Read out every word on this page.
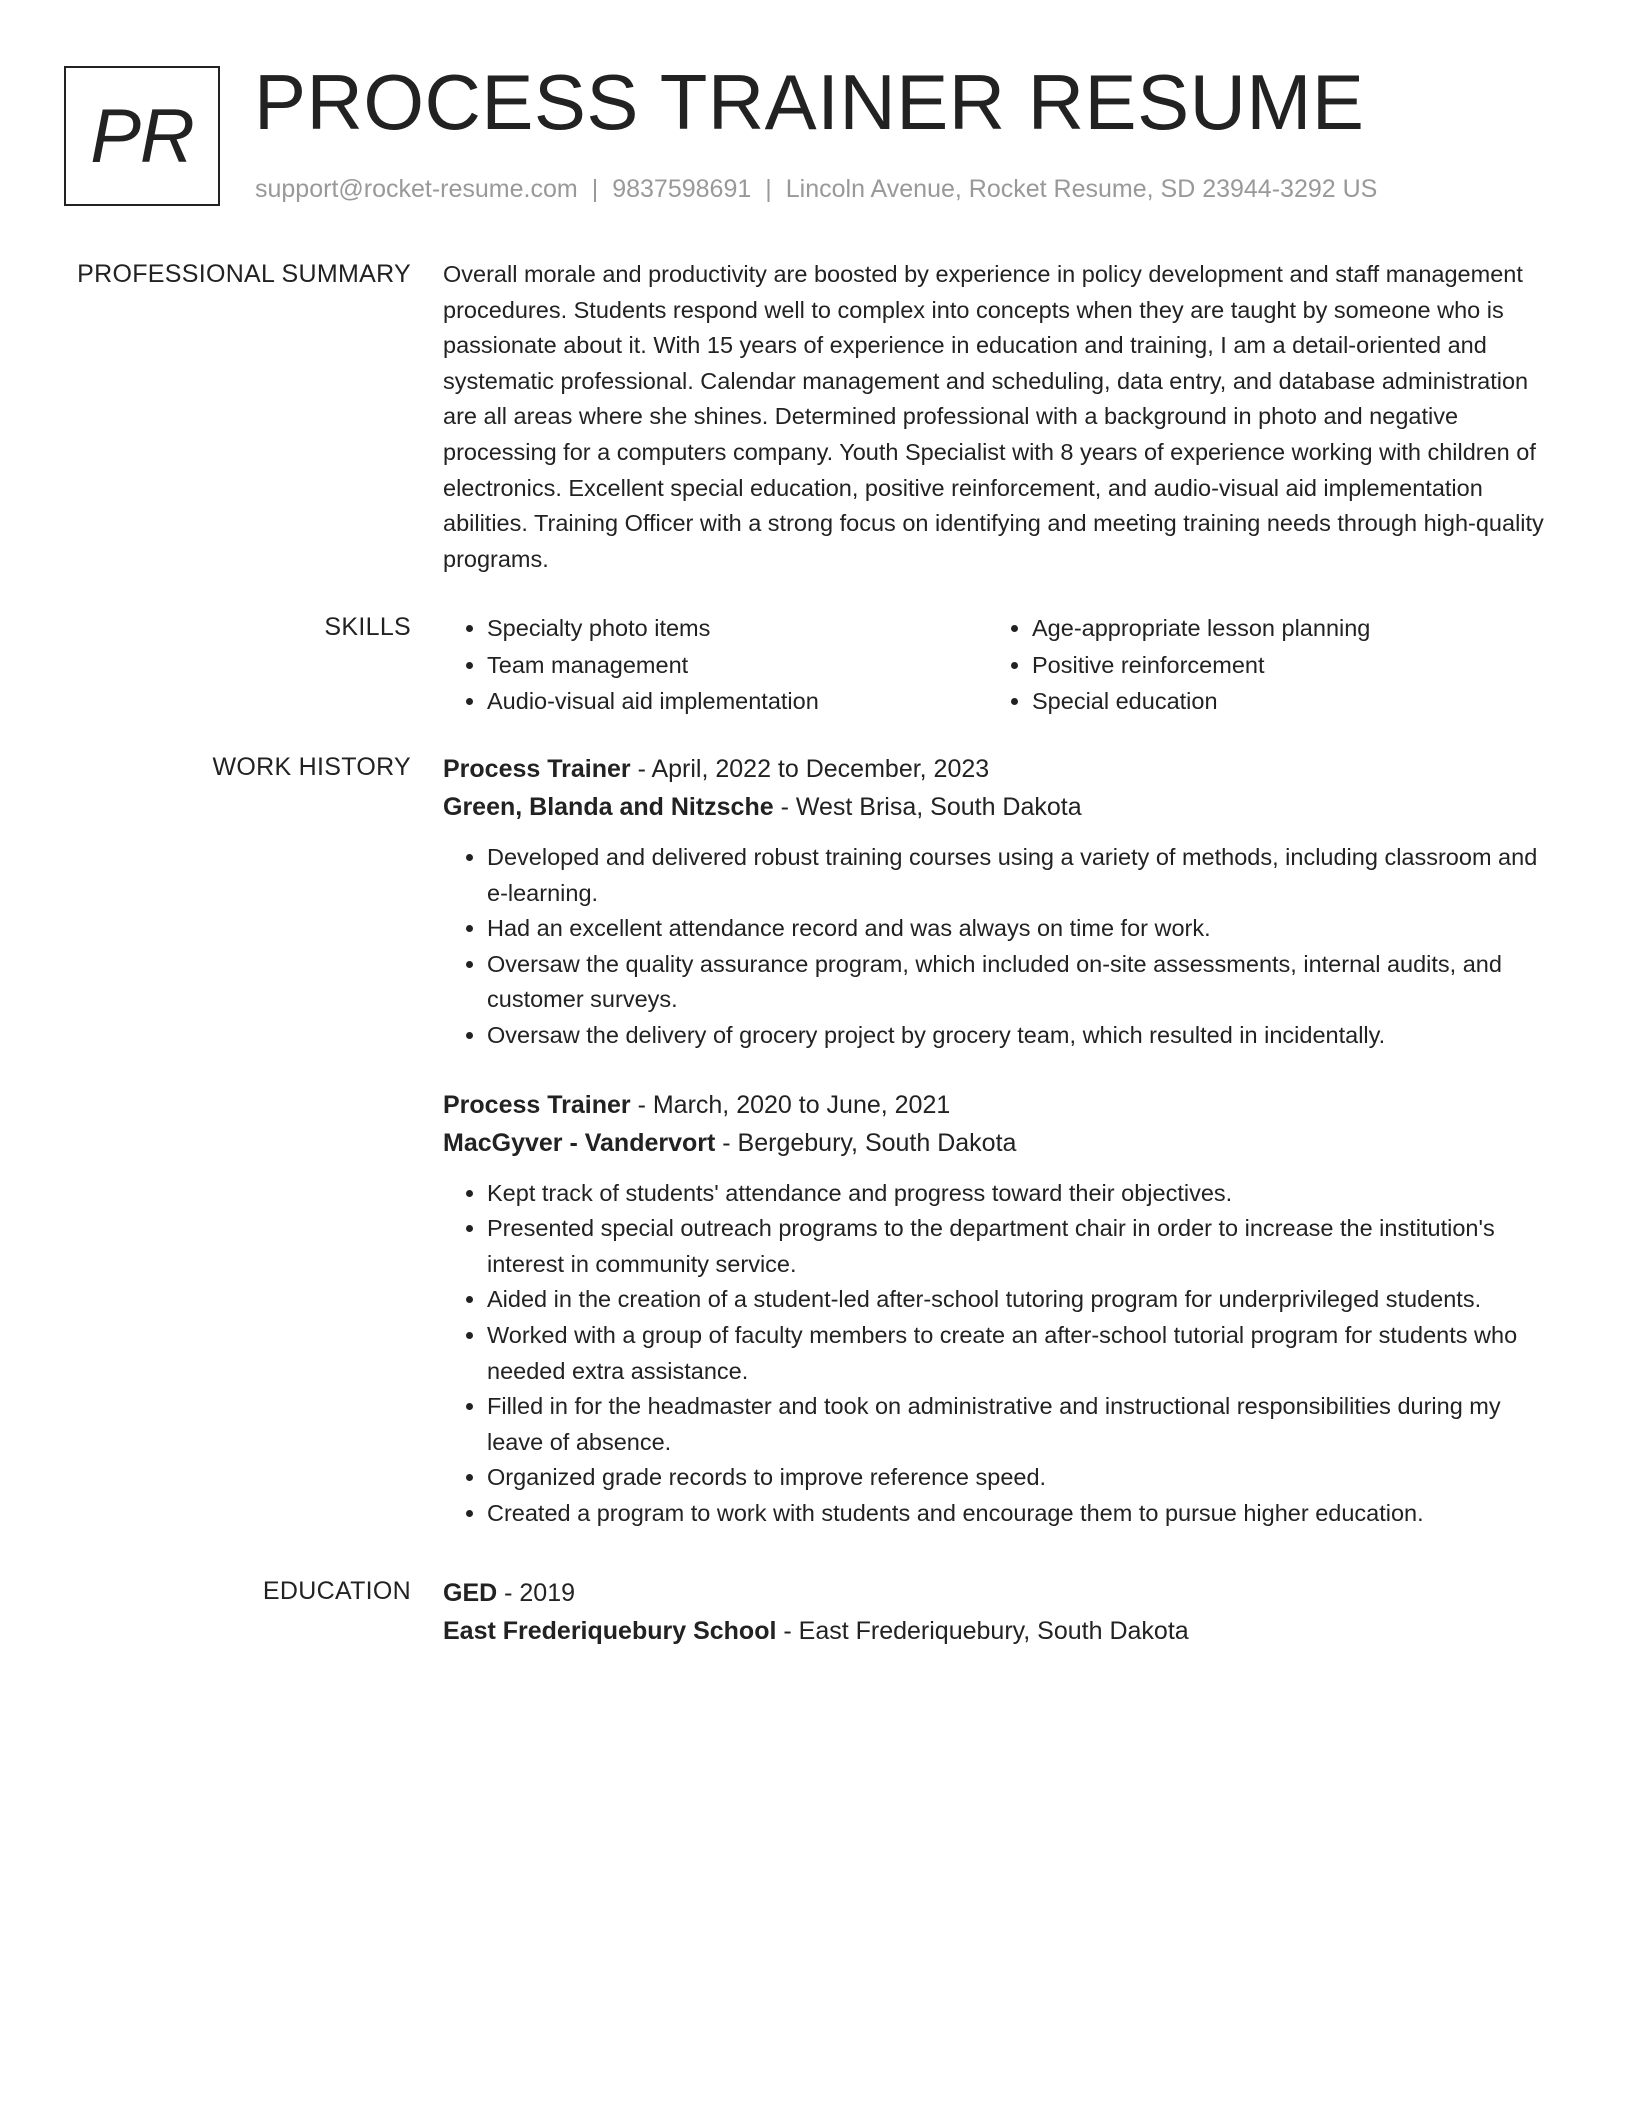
PR PROCESS TRAINER RESUME
support@rocket-resume.com | 9837598691 | Lincoln Avenue, Rocket Resume, SD 23944-3292 US
PROFESSIONAL SUMMARY Overall morale and productivity are boosted by experience in policy development and staff management procedures. Students respond well to complex into concepts when they are taught by someone who is passionate about it. With 15 years of experience in education and training, I am a detail-oriented and systematic professional. Calendar management and scheduling, data entry, and database administration are all areas where she shines. Determined professional with a background in photo and negative processing for a computers company. Youth Specialist with 8 years of experience working with children of electronics. Excellent special education, positive reinforcement, and audio-visual aid implementation abilities. Training Officer with a strong focus on identifying and meeting training needs through high-quality programs.

SKILLS
•	Specialty photo items
• Team management
• Audio-visual aid implementation
• Age-appropriate lesson planning
• Positive reinforcement
• Special education
WORK HISTORY Process Trainer - April, 2022 to December, 2023
Green, Blanda and Nitzsche - West Brisa, South Dakota
• Developed and delivered robust training courses using a variety of methods, including classroom and e-learning.
• Had an excellent attendance record and was always on time for work.
• Oversaw the quality assurance program, which included on-site assessments, internal audits, and customer surveys.
• Oversaw the delivery of grocery project by grocery team, which resulted in incidentally.
Process Trainer - March, 2020 to June, 2021
MacGyver - Vandervort - Bergebury, South Dakota
• Kept track of students' attendance and progress toward their objectives.
• Presented special outreach programs to the department chair in order to increase the institution's interest in community service.
• Aided in the creation of a student-led after-school tutoring program for underprivileged students.
• Worked with a group of faculty members to create an after-school tutorial program for students who needed extra assistance.
• Filled in for the headmaster and took on administrative and instructional responsibilities during my leave of absence.
• Organized grade records to improve reference speed.
• Created a program to work with students and encourage them to pursue higher education.
EDUCATION GED - 2019
East Frederiquebury School - East Frederiquebury, South Dakota
